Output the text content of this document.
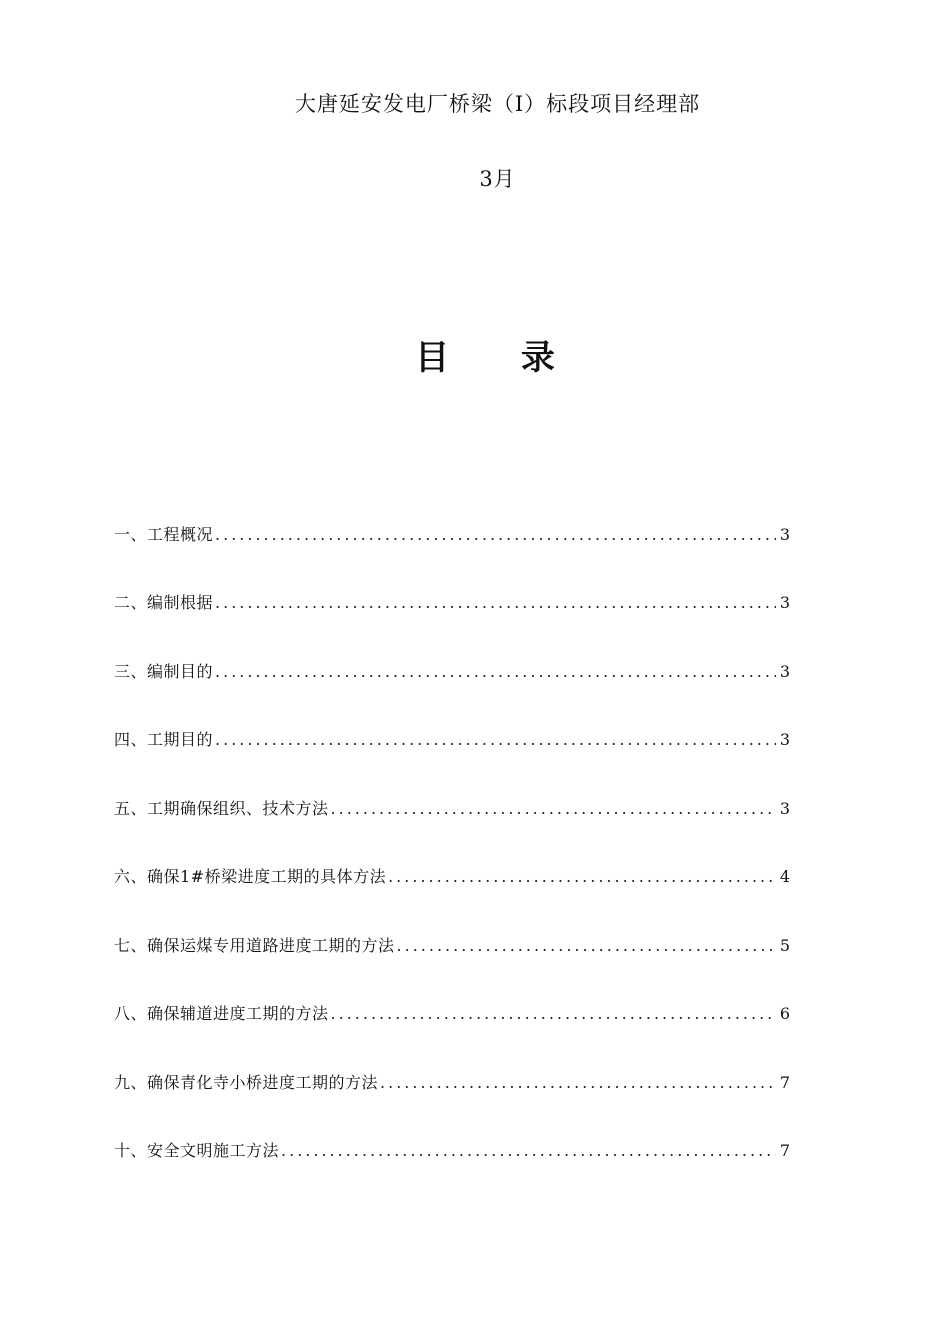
大唐延安发电厂桥梁（Ⅰ）标段项目经理部
3月
目 录
一、工程概况 .....	3
二、编制根据 .....	3
三、编制目的 .....	3
四、工期目的 .....	3
五、工期确保组织、技术方法 .....	3
六、确保1#桥梁进度工期的具体方法 .....	4
七、确保运煤专用道路进度工期的方法 .....	5
八、确保辅道进度工期的方法 .....	6
九、确保青化寺小桥进度工期的方法 .....	7
十、安全文明施工方法 .....	7
